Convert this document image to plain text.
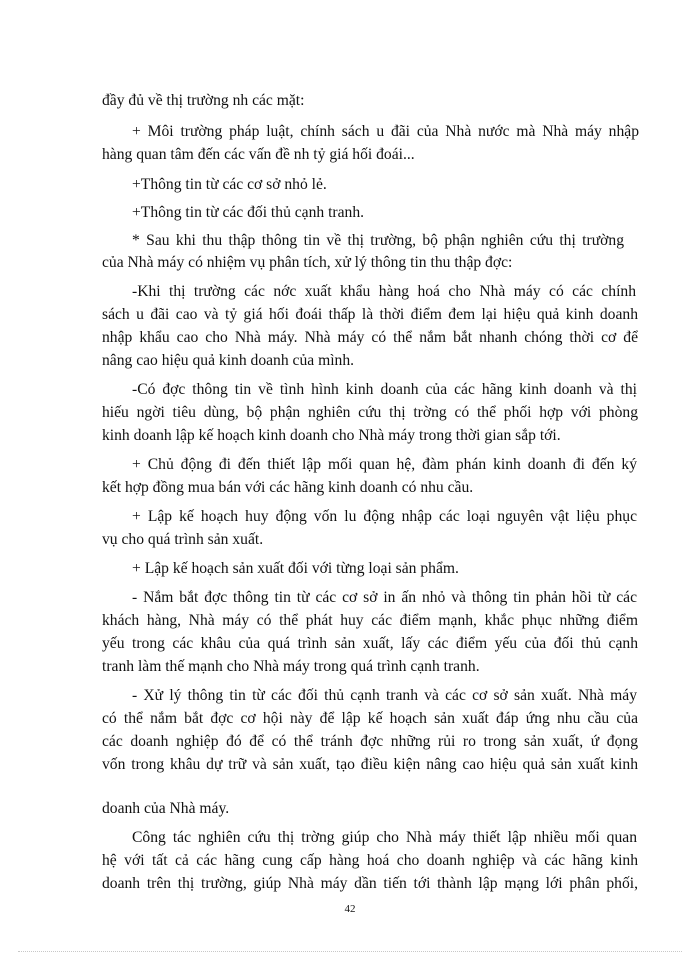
đầy đủ về thị trường nh các mặt:
+ Môi trường pháp luật, chính sách u đãi của Nhà nước mà Nhà máy nhập
hàng quan tâm đến các vấn đề nh tỷ giá hối đoái...
+Thông tin từ các cơ sở nhỏ lẻ.
+Thông tin từ các đối thủ cạnh tranh.
* Sau khi thu thập thông tin về thị trường, bộ phận nghiên cứu thị trường
của Nhà máy có nhiệm vụ phân tích, xử lý thông tin thu thập đợc:
-Khi thị trường các nớc xuất khẩu hàng hoá cho Nhà máy có các chính
sách u đãi cao và tỷ giá hối đoái thấp là thời điểm đem lại hiệu quả kinh doanh
nhập khẩu cao cho Nhà máy. Nhà máy có thể nắm bắt nhanh chóng thời cơ để
nâng cao hiệu quả kinh doanh của mình.
-Có đợc thông tin về tình hình kinh doanh của các hãng kinh doanh và thị
hiếu ngời tiêu dùng, bộ phận nghiên cứu thị trờng có thể phối hợp với phòng
kinh doanh lập kế hoạch kinh doanh cho Nhà máy trong thời gian sắp tới.
+ Chủ động đi đến thiết lập mối quan hệ, đàm phán kinh doanh đi đến ký
kết hợp đồng mua bán với các hãng kinh doanh có nhu cầu.
+ Lập kế hoạch huy động vốn lu động nhập các loại nguyên vật liệu phục
vụ cho quá trình sản xuất.
+ Lập kế hoạch sản xuất đối với từng loại sản phẩm.
- Nắm bắt đợc thông tin từ các cơ sở in ấn nhỏ và thông tin phản hồi từ các
khách hàng, Nhà máy có thể phát huy các điểm mạnh, khắc phục những điểm
yếu trong các khâu của quá trình sản xuất, lấy các điểm yếu của đối thủ cạnh
tranh làm thế mạnh cho Nhà máy trong quá trình cạnh tranh.
- Xử lý thông tin từ các đối thủ cạnh tranh và các cơ sở sản xuất. Nhà máy
có thể nắm bắt đợc cơ hội này để lập kế hoạch sản xuất đáp ứng nhu cầu của
các doanh nghiệp đó để có thể tránh đợc những rủi ro trong sản xuất, ứ đọng
vốn trong khâu dự trữ và sản xuất, tạo điều kiện nâng cao hiệu quả sản xuất kinh
doanh của Nhà máy.
Công tác nghiên cứu thị trờng giúp cho Nhà máy thiết lập nhiều mối quan
hệ với tất cả các hãng cung cấp hàng hoá cho doanh nghiệp và các hãng kinh
doanh trên thị trường, giúp Nhà máy dần tiến tới thành lập mạng lới phân phối,
42
